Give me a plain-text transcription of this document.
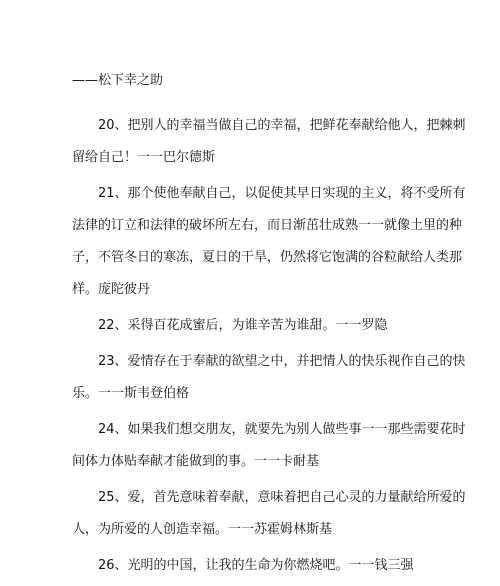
——松下幸之助
20、把别人的幸福当做自己的幸福，把鲜花奉献给他人，把棘刺
留给自己！一一巴尔德斯
21、那个使他奉献自己，以促使其早日实现的主义，将不受所有
法律的订立和法律的破坏所左右，而日渐茁壮成熟一一就像土里的种
子，不管冬日的寒冻，夏日的干旱，仍然将它饱满的谷粒献给人类那
样。庞陀彼丹
22、采得百花成蜜后，为谁辛苦为谁甜。一一罗隐
23、爱情存在于奉献的欲望之中，并把情人的快乐视作自己的快
乐。一一斯韦登伯格
24、如果我们想交朋友，就要先为别人做些事一一那些需要花时
间体力体贴奉献才能做到的事。一一卡耐基
25、爱，首先意味着奉献，意味着把自己心灵的力量献给所爱的
人，为所爱的人创造幸福。一一苏霍姆林斯基
26、光明的中国，让我的生命为你燃烧吧。一一钱三强
